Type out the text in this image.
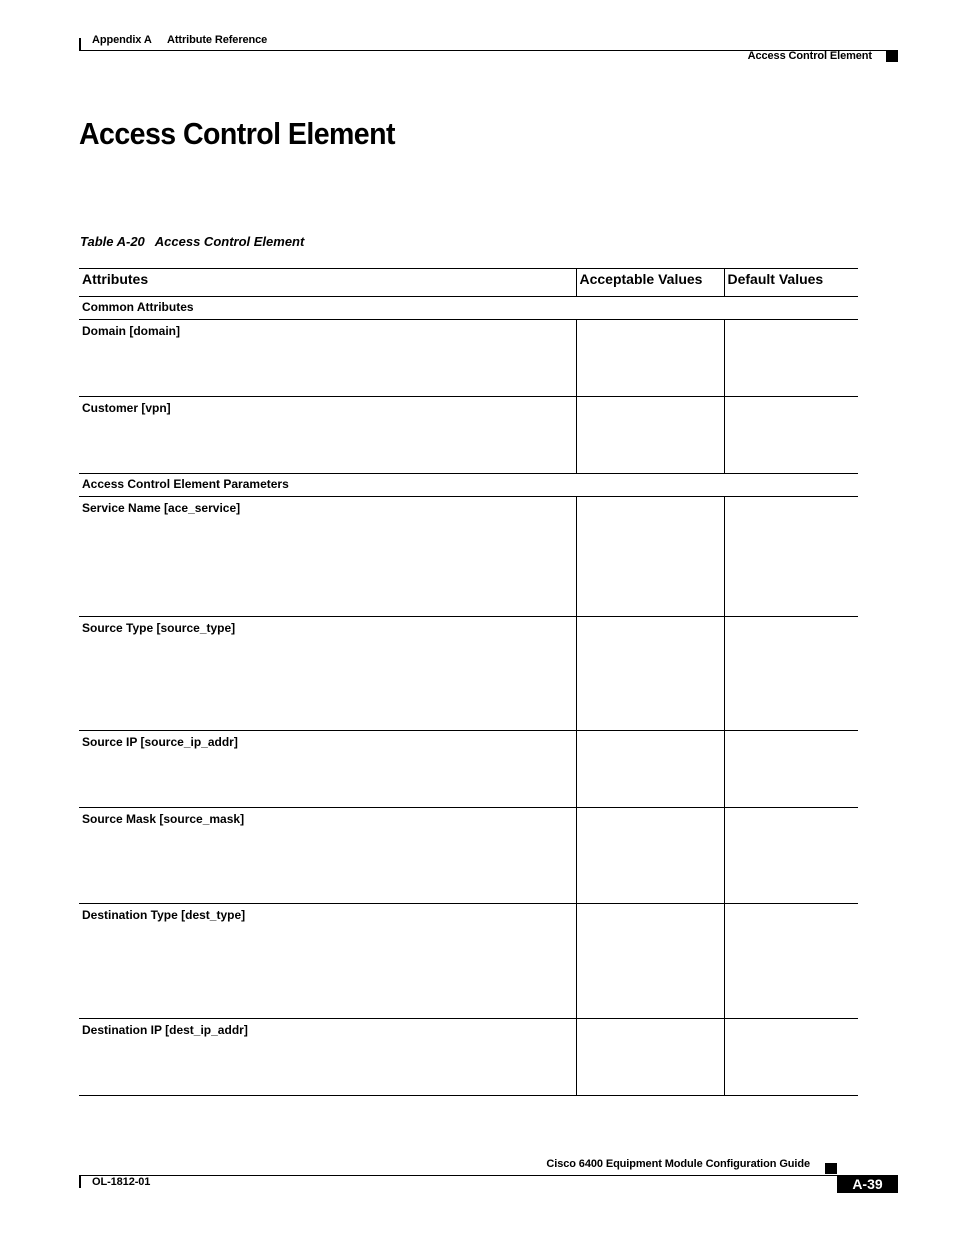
Appendix A Attribute Reference
Access Control Element
Access Control Element
Table A-20 Access Control Element
Attributes	Acceptable Values	Default Values
Common Attributes		
Domain [domain]		
Customer [vpn]		
Access Control Element Parameters		
Service Name [ace_service]		
Source Type [source_type]		
Source IP [source_ip_addr]		
Source Mask [source_mask]		
Destination Type [dest_type]		
Destination IP [dest_ip_addr]		
Cisco 6400 Equipment Module Configuration Guide
OL-1812-01	A-39
